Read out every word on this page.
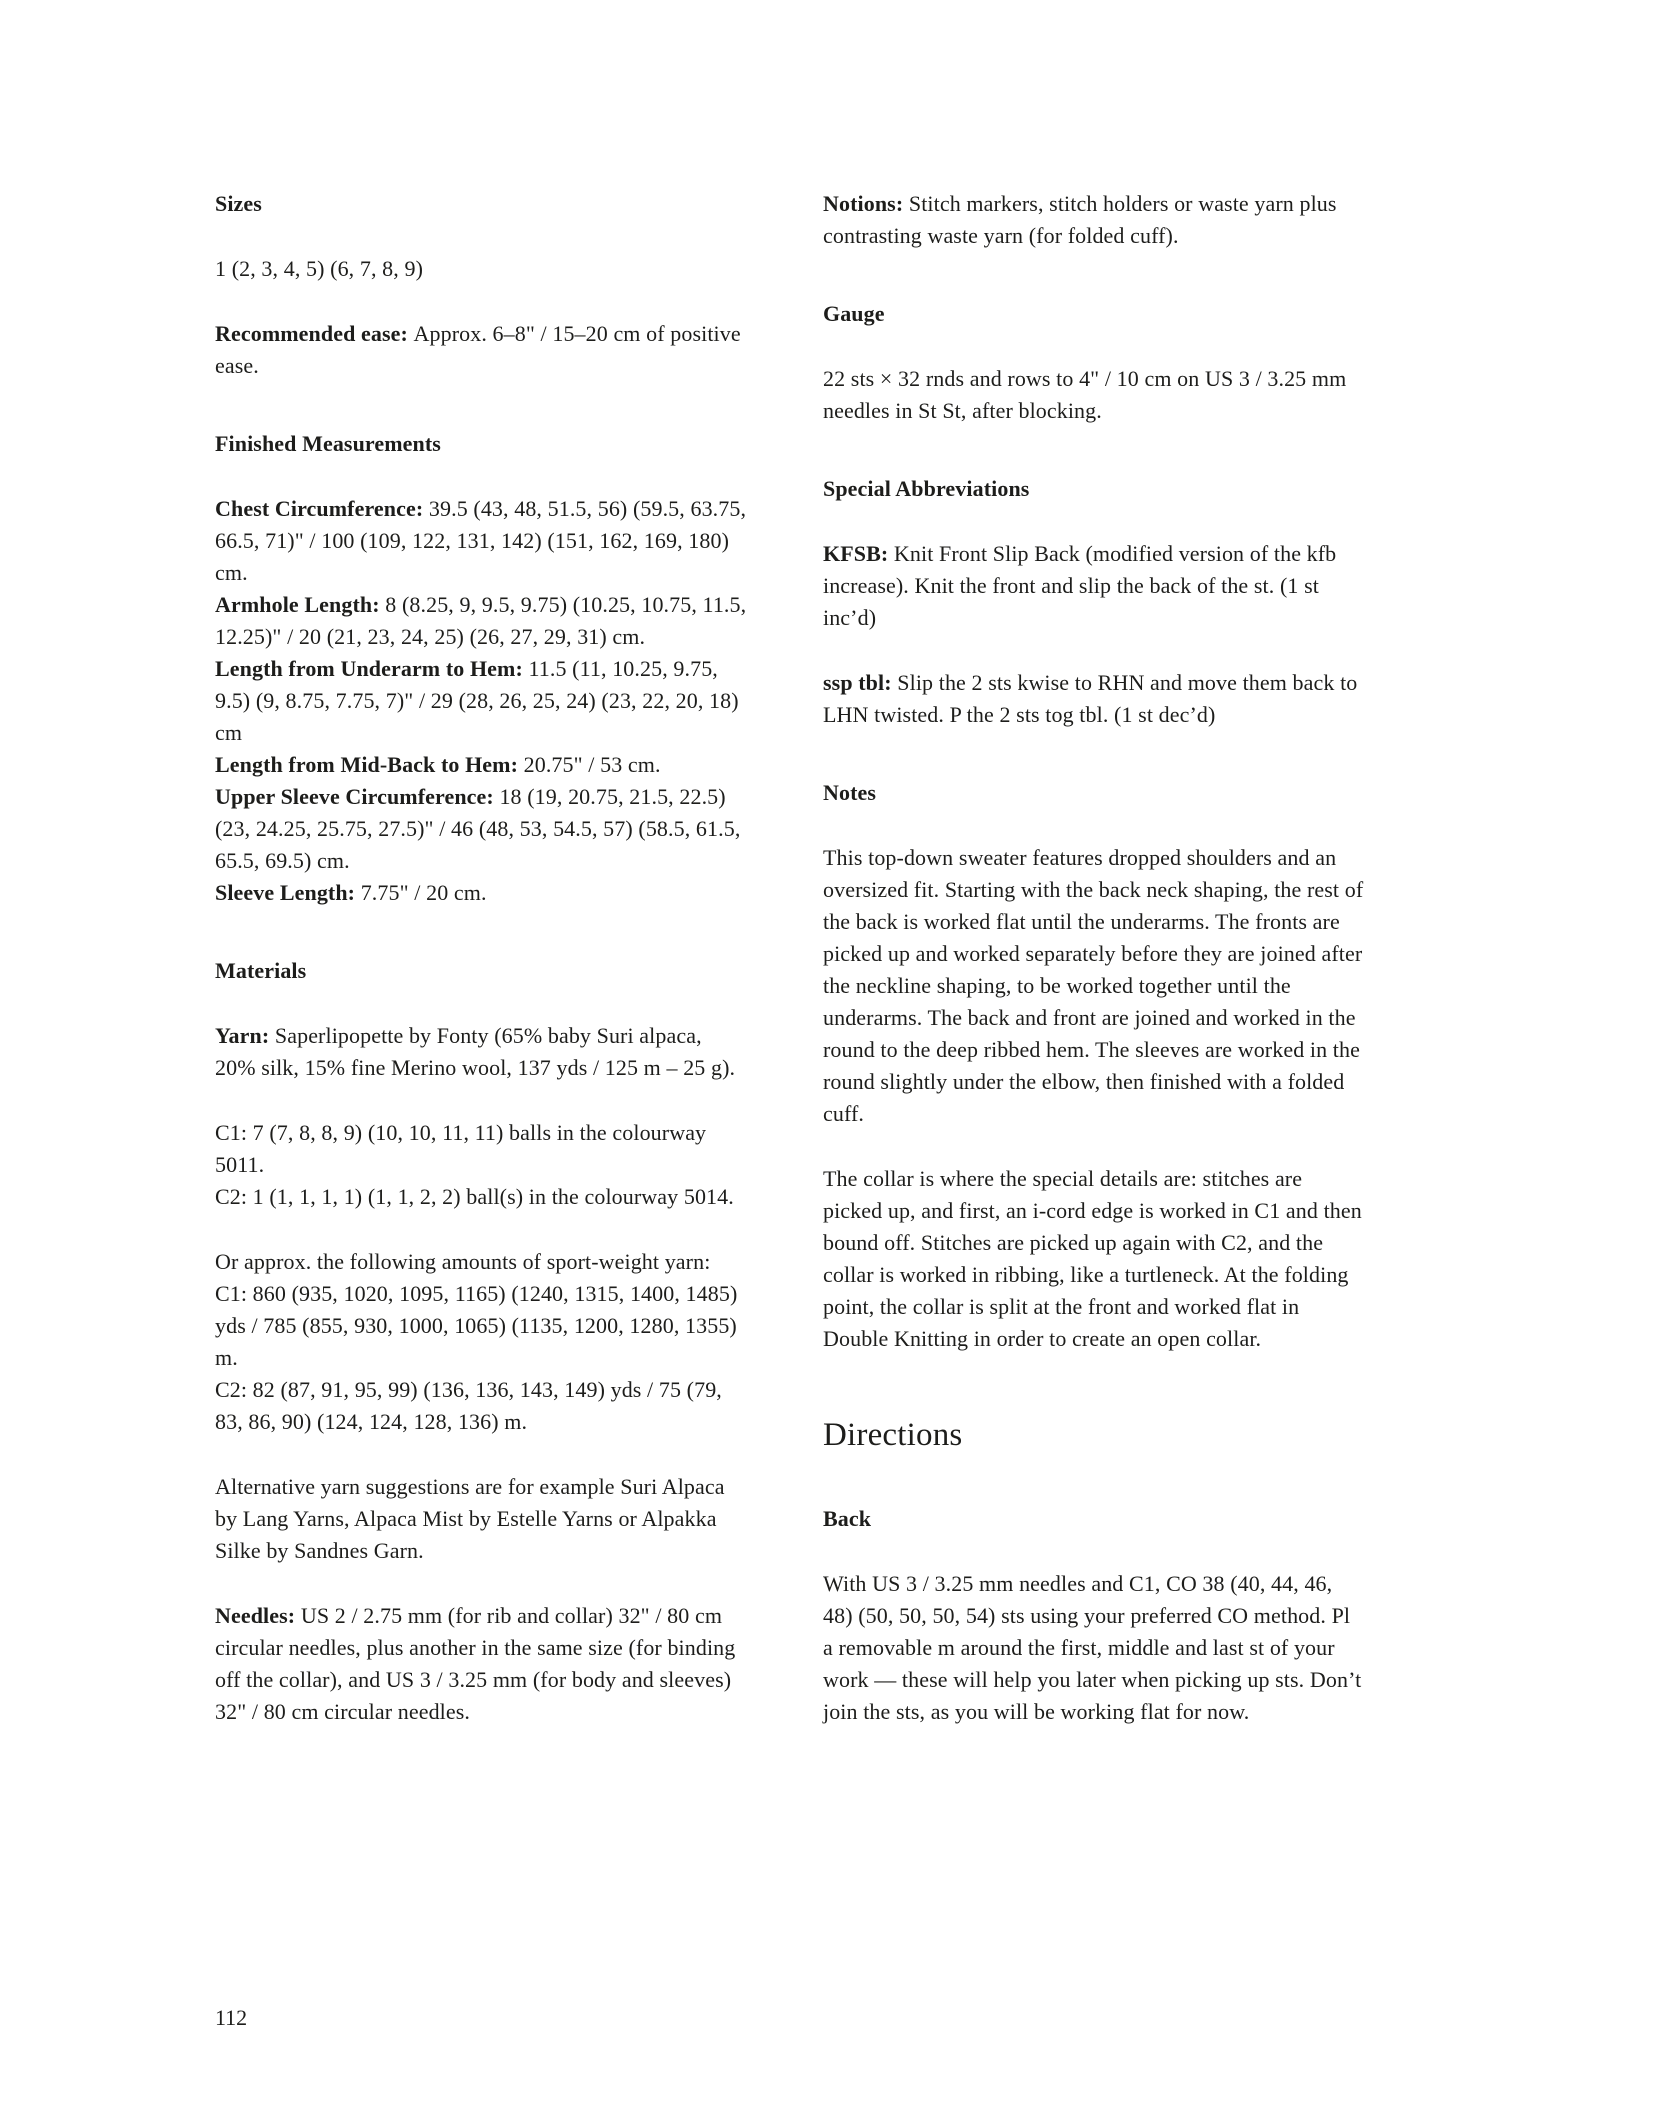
Sizes

1 (2, 3, 4, 5) (6, 7, 8, 9)

Recommended ease: Approx. 6–8" / 15–20 cm of positive ease.

Finished Measurements

Chest Circumference: 39.5 (43, 48, 51.5, 56) (59.5, 63.75, 66.5, 71)" / 100 (109, 122, 131, 142) (151, 162, 169, 180) cm.
Armhole Length: 8 (8.25, 9, 9.5, 9.75) (10.25, 10.75, 11.5, 12.25)" / 20 (21, 23, 24, 25) (26, 27, 29, 31) cm.
Length from Underarm to Hem: 11.5 (11, 10.25, 9.75, 9.5) (9, 8.75, 7.75, 7)" / 29 (28, 26, 25, 24) (23, 22, 20, 18) cm
Length from Mid-Back to Hem: 20.75" / 53 cm.
Upper Sleeve Circumference: 18 (19, 20.75, 21.5, 22.5) (23, 24.25, 25.75, 27.5)" / 46 (48, 53, 54.5, 57) (58.5, 61.5, 65.5, 69.5) cm.
Sleeve Length: 7.75" / 20 cm.

Materials

Yarn: Saperlipopette by Fonty (65% baby Suri alpaca, 20% silk, 15% fine Merino wool, 137 yds / 125 m – 25 g).

C1: 7 (7, 8, 8, 9) (10, 10, 11, 11) balls in the colourway 5011.
C2: 1 (1, 1, 1, 1) (1, 1, 2, 2) ball(s) in the colourway 5014.

Or approx. the following amounts of sport-weight yarn:
C1: 860 (935, 1020, 1095, 1165) (1240, 1315, 1400, 1485) yds / 785 (855, 930, 1000, 1065) (1135, 1200, 1280, 1355) m.
C2: 82 (87, 91, 95, 99) (136, 136, 143, 149) yds / 75 (79, 83, 86, 90) (124, 124, 128, 136) m.

Alternative yarn suggestions are for example Suri Alpaca by Lang Yarns, Alpaca Mist by Estelle Yarns or Alpakka Silke by Sandnes Garn.

Needles: US 2 / 2.75 mm (for rib and collar) 32" / 80 cm circular needles, plus another in the same size (for binding off the collar), and US 3 / 3.25 mm (for body and sleeves) 32" / 80 cm circular needles.

Notions: Stitch markers, stitch holders or waste yarn plus contrasting waste yarn (for folded cuff).

Gauge

22 sts × 32 rnds and rows to 4" / 10 cm on US 3 / 3.25 mm needles in St St, after blocking.

Special Abbreviations

KFSB: Knit Front Slip Back (modified version of the kfb increase). Knit the front and slip the back of the st. (1 st inc’d)

ssp tbl: Slip the 2 sts kwise to RHN and move them back to LHN twisted. P the 2 sts tog tbl. (1 st dec’d)

Notes

This top-down sweater features dropped shoulders and an oversized fit. Starting with the back neck shaping, the rest of the back is worked flat until the underarms. The fronts are picked up and worked separately before they are joined after the neckline shaping, to be worked together until the underarms. The back and front are joined and worked in the round to the deep ribbed hem. The sleeves are worked in the round slightly under the elbow, then finished with a folded cuff.

The collar is where the special details are: stitches are picked up, and first, an i-cord edge is worked in C1 and then bound off. Stitches are picked up again with C2, and the collar is worked in ribbing, like a turtleneck. At the folding point, the collar is split at the front and worked flat in Double Knitting in order to create an open collar.

Directions
Back

With US 3 / 3.25 mm needles and C1, CO 38 (40, 44, 46, 48) (50, 50, 50, 54) sts using your preferred CO method. Pl a removable m around the first, middle and last st of your work — these will help you later when picking up sts. Don’t join the sts, as you will be working flat for now.

112
